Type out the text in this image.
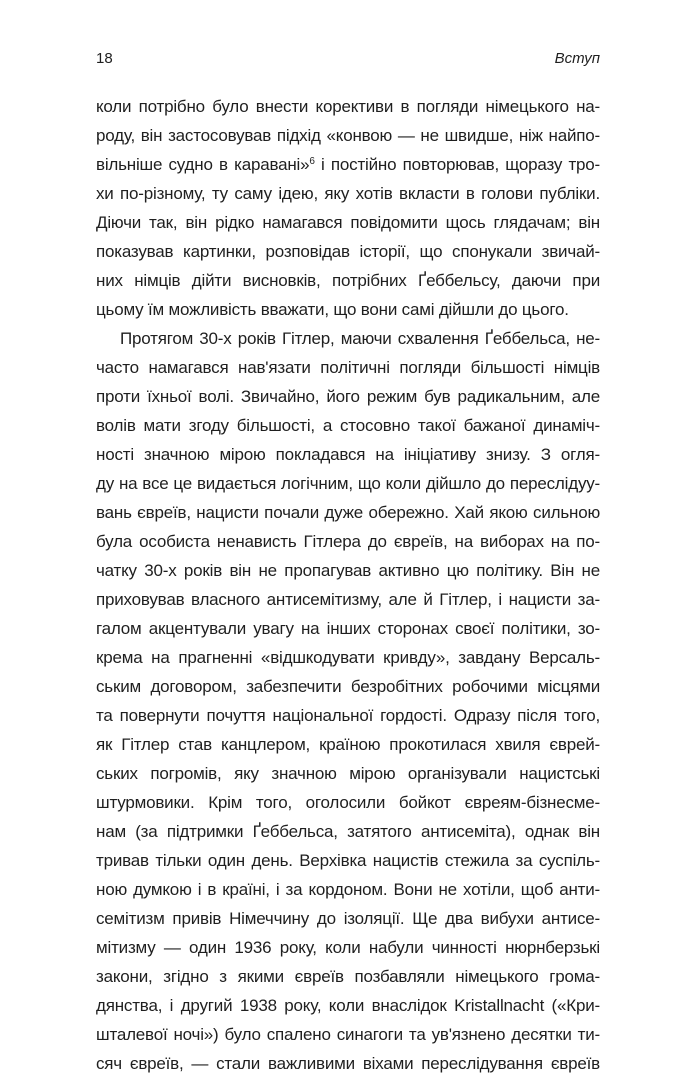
18	Вступ
коли потрібно було внести корективи в погляди німецького на-
роду, він застосовував підхід «конвою — не швидше, ніж найпо-
вільніше судно в каравані»$^6$ і постійно повторював, щоразу тро-
хи по-різному, ту саму ідею, яку хотів вкласти в голови публіки.
Діючи так, він рідко намагався повідомити щось глядачам; він
показував картинки, розповідав історії, що спонукали звичай-
них німців дійти висновків, потрібних Ґеббельсу, даючи при
цьому їм можливість вважати, що вони самі дійшли до цього.
Протягом 30-х років Гітлер, маючи схвалення Ґеббельса, не-
часто намагався нав'язати політичні погляди більшості німців
проти їхньої волі. Звичайно, його режим був радикальним, але
волів мати згоду більшості, а стосовно такої бажаної динаміч-
ності значною мірою покладався на ініціативу знизу. З огля-
ду на все це видається логічним, що коли дійшло до переслідуу-
вань євреїв, нацисти почали дуже обережно. Хай якою сильною
була особиста ненависть Гітлера до євреїв, на виборах на по-
чатку 30-х років він не пропагував активно цю політику. Він не
приховував власного антисемітизму, але й Гітлер, і нацисти за-
галом акцентували увагу на інших сторонах своєї політики, зо-
крема на прагненні «відшкодувати кривду», завдану Версаль-
ським договором, забезпечити безробітних робочими місцями
та повернути почуття національної гордості. Одразу після того,
як Гітлер став канцлером, країною прокотилася хвиля єврей-
ських погромів, яку значною мірою організували нацистські
штурмовики. Крім того, оголосили бойкот євреям-бізнесме-
нам (за підтримки Ґеббельса, затятого антисеміта), однак він
тривав тільки один день. Верхівка нацистів стежила за суспіль-
ною думкою і в країні, і за кордоном. Вони не хотіли, щоб анти-
семітизм привів Німеччину до ізоляції. Ще два вибухи антисе-
мітизму — один 1936 року, коли набули чинності нюрнберзькі
закони, згідно з якими євреїв позбавляли німецького грома-
дянства, і другий 1938 року, коли внаслідок Kristallnacht («Кри-
шталевої ночі») було спалено синагоги та ув'язнено десятки ти-
сяч євреїв, — стали важливими віхами переслідування євреїв
